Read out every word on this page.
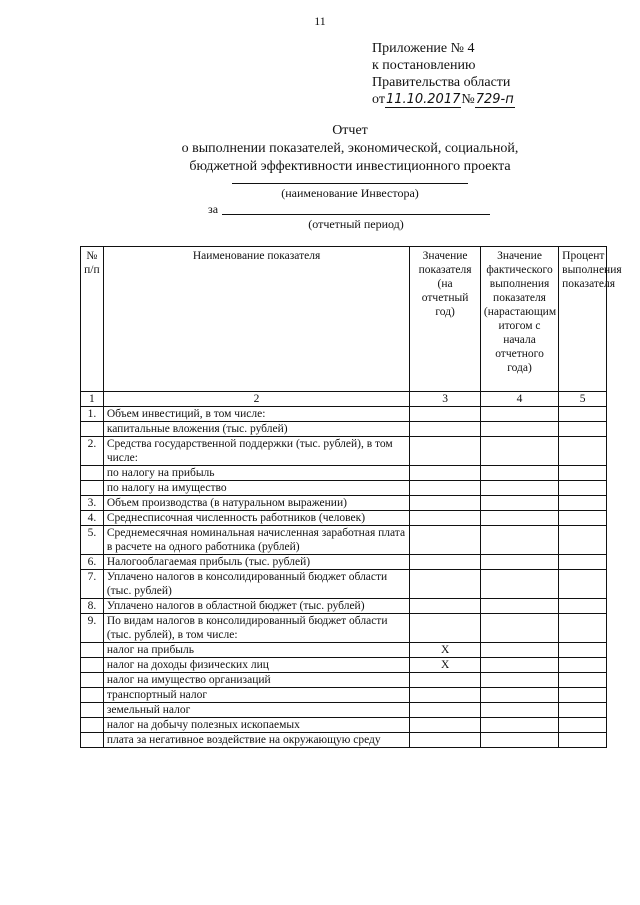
11
Приложение № 4
к постановлению
Правительства области
от11.10.2017№729-п
Отчет
о выполнении показателей, экономической, социальной,
бюджетной эффективности инвестиционного проекта
(наименование Инвестора)
за
(отчетный период)
№ п/п	Наименование показателя	Значение показателя (на отчетный год)	Значение фактического выполнения показателя (нарастающим итогом с начала отчетного года)	Процент выполнения показателя
1	2	3	4	5
1.	Объем инвестиций, в том числе:			
	капитальные вложения (тыс. рублей)			
2.	Средства государственной поддержки (тыс. рублей), в том числе:			
	по налогу на прибыль			
	по налогу на имущество			
3.	Объем производства (в натуральном выражении)			
4.	Среднесписочная численность работников (человек)			
5.	Среднемесячная номинальная начисленная заработная плата в расчете на одного работника (рублей)			
6.	Налогооблагаемая прибыль (тыс. рублей)			
7.	Уплачено налогов в консолидированный бюджет области (тыс. рублей)			
8.	Уплачено налогов в областной бюджет (тыс. рублей)			
9.	По видам налогов в консолидированный бюджет области (тыс. рублей), в том числе:			
	налог на прибыль	X		
	налог на доходы физических лиц	X		
	налог на имущество организаций			
	транспортный налог			
	земельный налог			
	налог на добычу полезных ископаемых			
	плата за негативное воздействие на окружающую среду			
